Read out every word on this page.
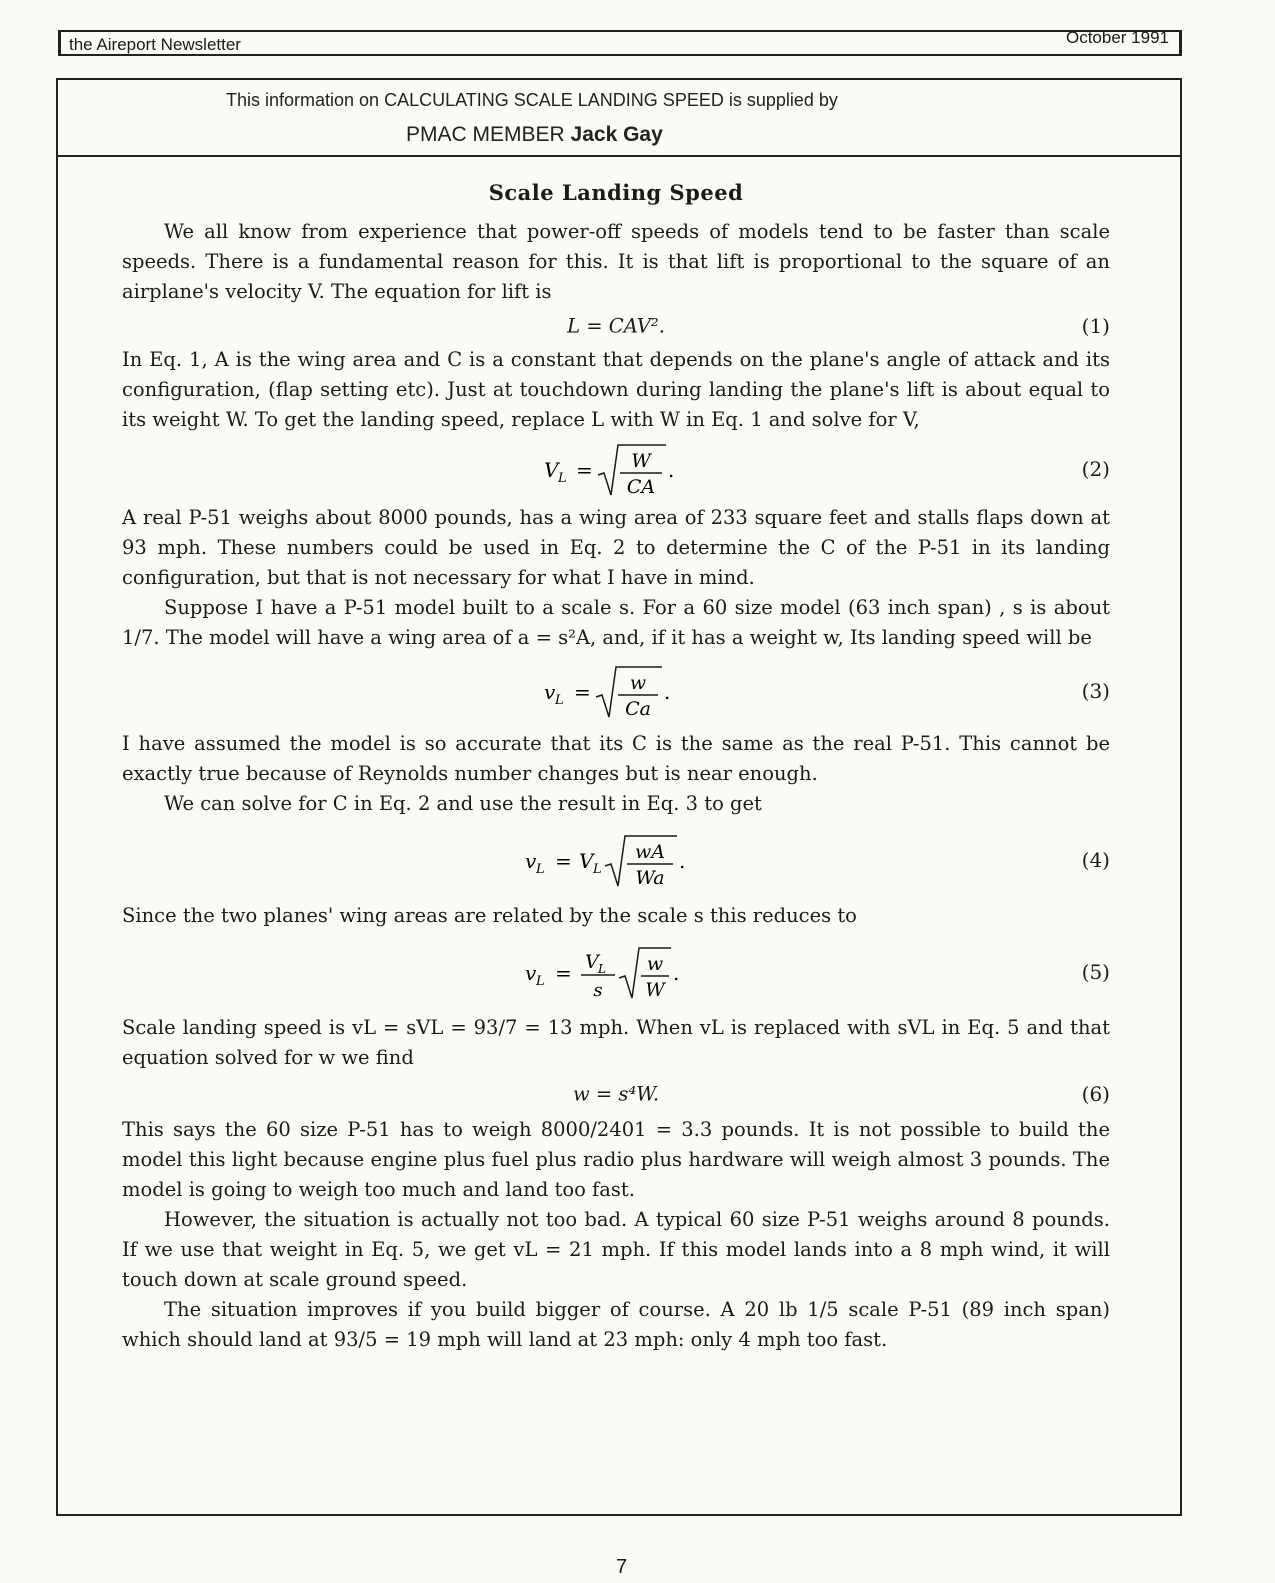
the Aireport Newsletter	October 1991
This information on CALCULATING SCALE LANDING SPEED is supplied by
PMAC MEMBER Jack Gay
Scale Landing Speed

We all know from experience that power-off speeds of models tend to be faster than scale speeds. There is a fundamental reason for this. It is that lift is proportional to the square of an airplane's velocity V. The equation for lift is

L = CAV².	(1)

In Eq. 1, A is the wing area and C is a constant that depends on the plane's angle of attack and its configuration, (flap setting etc). Just at touchdown during landing the plane's lift is about equal to its weight W. To get the landing speed, replace L with W in Eq. 1 and solve for V,

V L = W
CA
.	(2)

A real P-51 weighs about 8000 pounds, has a wing area of 233 square feet and stalls flaps down at 93 mph. These numbers could be used in Eq. 2 to determine the C of the P-51 in its landing configuration, but that is not necessary for what I have in mind.

Suppose I have a P-51 model built to a scale s. For a 60 size model (63 inch span) , s is about 1/7. The model will have a wing area of a = s²A, and, if it has a weight w, Its landing speed will be

v L = w
Ca
.	(3)

I have assumed the model is so accurate that its C is the same as the real P-51. This cannot be exactly true because of Reynolds number changes but is near enough.

We can solve for C in Eq. 2 and use the result in Eq. 3 to get

v L = V L
wA
Wa
.	(4)

Since the two planes' wing areas are related by the scale s this reduces to

v L = V L
s
w
W
.	(5)

Scale landing speed is vL = sVL = 93/7 = 13 mph. When vL is replaced with sVL in Eq. 5 and that equation solved for w we find

w = s⁴W.	(6)

This says the 60 size P-51 has to weigh 8000/2401 = 3.3 pounds. It is not possible to build the model this light because engine plus fuel plus radio plus hardware will weigh almost 3 pounds. The model is going to weigh too much and land too fast.

However, the situation is actually not too bad. A typical 60 size P-51 weighs around 8 pounds. If we use that weight in Eq. 5, we get vL = 21 mph. If this model lands into a 8 mph wind, it will touch down at scale ground speed.

The situation improves if you build bigger of course. A 20 lb 1/5 scale P-51 (89 inch span) which should land at 93/5 = 19 mph will land at 23 mph: only 4 mph too fast.

7
